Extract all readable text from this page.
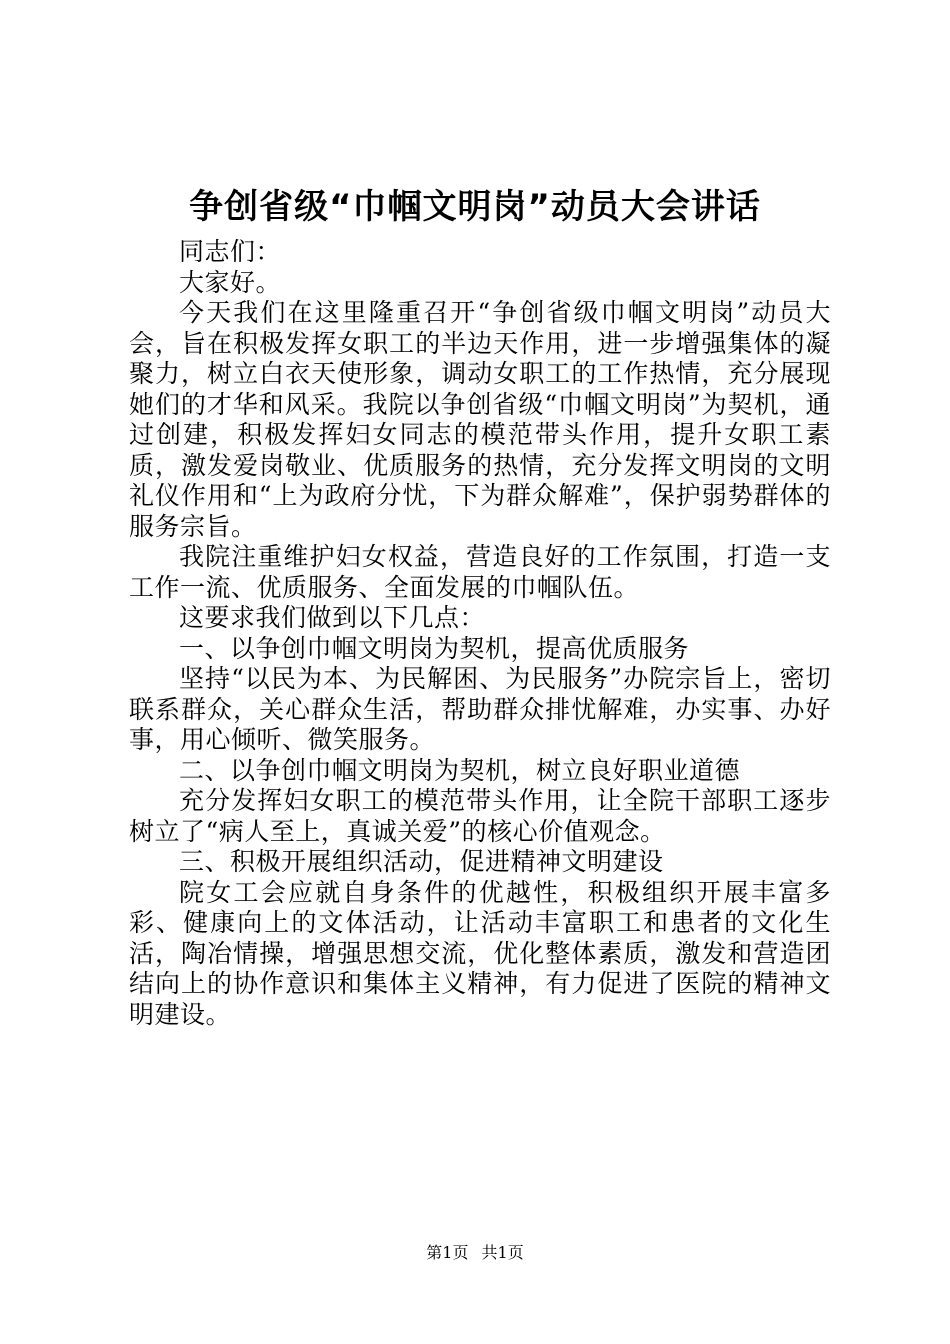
争创省级“巾帼文明岗”动员大会讲话

同志们：

大家好。

今天我们在这里隆重召开“争创省级巾帼文明岗”动员大会，旨在积极发挥女职工的半边天作用，进一步增强集体的凝聚力，树立白衣天使形象，调动女职工的工作热情，充分展现她们的才华和风采。我院以争创省级“巾帼文明岗”为契机，通过创建，积极发挥妇女同志的模范带头作用，提升女职工素质，激发爱岗敬业、优质服务的热情，充分发挥文明岗的文明礼仪作用和“上为政府分忧，下为群众解难”，保护弱势群体的服务宗旨。

我院注重维护妇女权益，营造良好的工作氛围，打造一支工作一流、优质服务、全面发展的巾帼队伍。

这要求我们做到以下几点：

一、以争创巾帼文明岗为契机，提高优质服务

坚持“以民为本、为民解困、为民服务”办院宗旨上，密切联系群众，关心群众生活，帮助群众排忧解难，办实事、办好事，用心倾听、微笑服务。

二、以争创巾帼文明岗为契机，树立良好职业道德

充分发挥妇女职工的模范带头作用，让全院干部职工逐步树立了“病人至上，真诚关爱”的核心价值观念。

三、积极开展组织活动，促进精神文明建设

院女工会应就自身条件的优越性，积极组织开展丰富多彩、健康向上的文体活动，让活动丰富职工和患者的文化生活，陶冶情操，增强思想交流，优化整体素质，激发和营造团结向上的协作意识和集体主义精神，有力促进了医院的精神文明建设。

第1页 共1页
